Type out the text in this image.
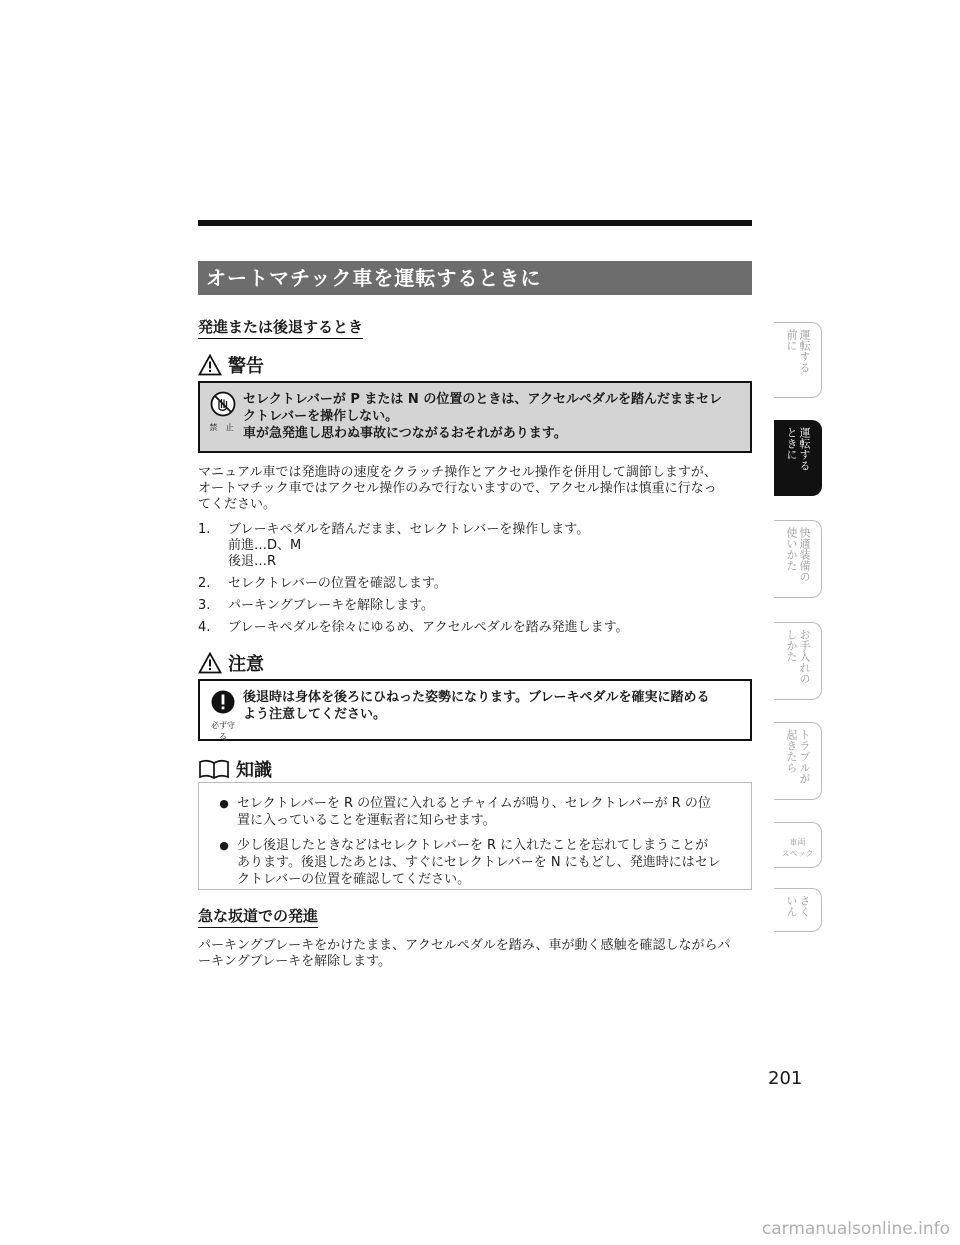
オートマチック車を運転するときに
発進または後退するとき
警告
禁 止
セレクトレバーが P または N の位置のときは、アクセルペダルを踏んだままセレ
クトレバーを操作しない。
車が急発進し思わぬ事故につながるおそれがあります。
マニュアル車では発進時の速度をクラッチ操作とアクセル操作を併用して調節しますが、
オートマチック車ではアクセル操作のみで行ないますので、アクセル操作は慎重に行なっ
てください。
1.	ブレーキペダルを踏んだまま、セレクトレバーを操作します。
前進…D、M
後退…R
2.	セレクトレバーの位置を確認します。
3.	パーキングブレーキを解除します。
4.	ブレーキペダルを徐々にゆるめ、アクセルペダルを踏み発進します。
注意
必ず守る
後退時は身体を後ろにひねった姿勢になります。ブレーキペダルを確実に踏める
よう注意してください。
知識
● セレクトレバーを R の位置に入れるとチャイムが鳴り、セレクトレバーが R の位
置に入っていることを運転者に知らせます。
● 少し後退したときなどはセレクトレバーを R に入れたことを忘れてしまうことが
あります。後退したあとは、すぐにセレクトレバーを N にもどし、発進時にはセレ
クトレバーの位置を確認してください。
急な坂道での発進
パーキングブレーキをかけたまま、アクセルペダルを踏み、車が動く感触を確認しながらパ
ーキングブレーキを解除します。
201
運転する
前に
運転する
ときに
快適装備の
使いかた
お手入れの
しかた
トラブルが
起きたら
車両
スペック
さく
いん
carmanualsonline.info
